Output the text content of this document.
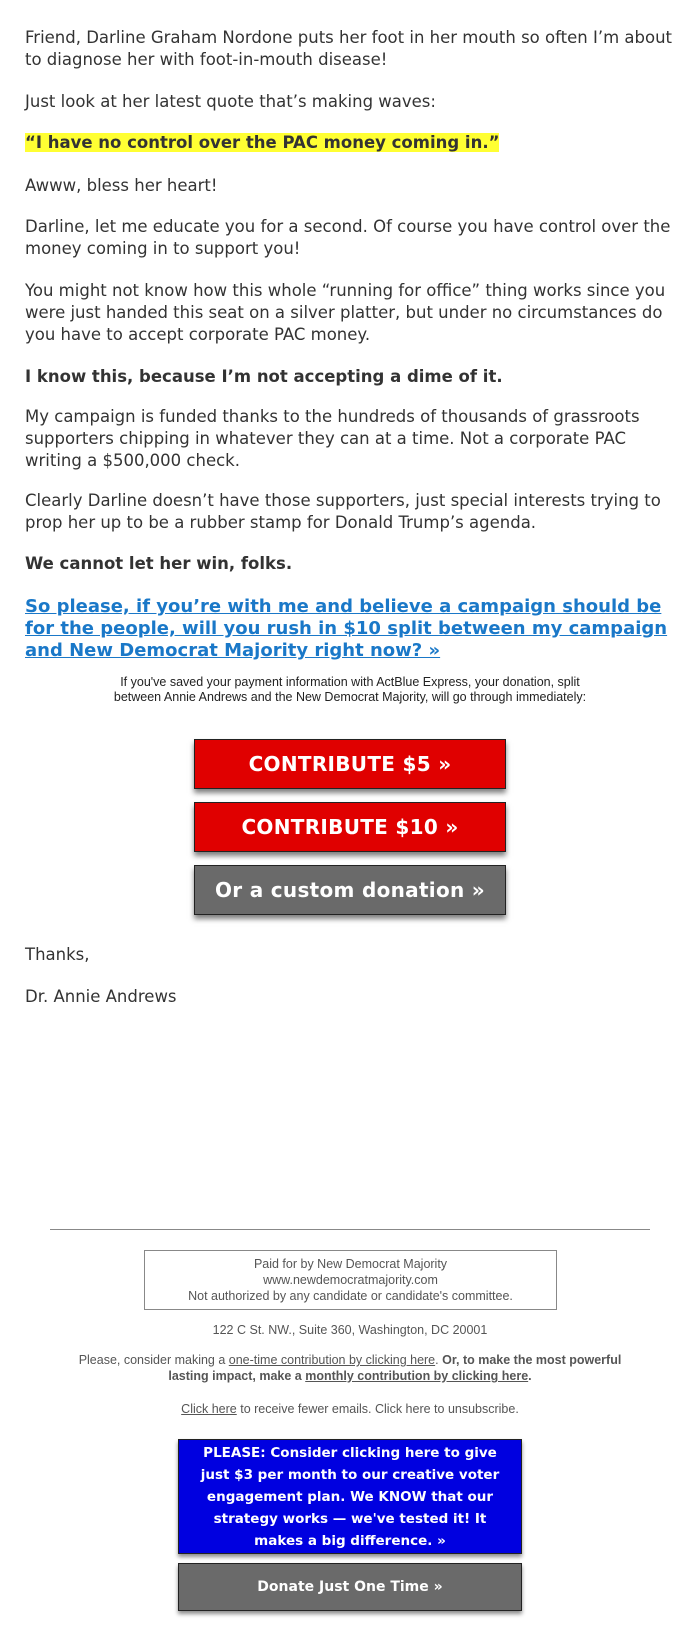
Friend, Darline Graham Nordone puts her foot in her mouth so often I’m about to diagnose her with foot-in-mouth disease!

Just look at her latest quote that’s making waves:

“I have no control over the PAC money coming in.”

Awww, bless her heart!

Darline, let me educate you for a second. Of course you have control over the money coming in to support you!

You might not know how this whole “running for office” thing works since you were just handed this seat on a silver platter, but under no circumstances do you have to accept corporate PAC money.

I know this, because I’m not accepting a dime of it.

My campaign is funded thanks to the hundreds of thousands of grassroots supporters chipping in whatever they can at a time. Not a corporate PAC writing a $500,000 check.

Clearly Darline doesn’t have those supporters, just special interests trying to prop her up to be a rubber stamp for Donald Trump’s agenda.

We cannot let her win, folks.

So please, if you’re with me and believe a campaign should be for the people, will you rush in $10 split between my campaign and New Democrat Majority right now? »

If you've saved your payment information with ActBlue Express, your donation, split between Annie Andrews and the New Democrat Majority, will go through immediately:

CONTRIBUTE $5 »
CONTRIBUTE $10 »
Or a custom donation »

Thanks,

Dr. Annie Andrews

Paid for by New Democrat Majority
www.newdemocratmajority.com
Not authorized by any candidate or candidate's committee.

122 C St. NW., Suite 360, Washington, DC 20001

Please, consider making a one-time contribution by clicking here. Or, to make the most powerful lasting impact, make a monthly contribution by clicking here.

Click here to receive fewer emails. Click here to unsubscribe.

PLEASE: Consider clicking here to give just $3 per month to our creative voter engagement plan. We KNOW that our strategy works — we've tested it! It makes a big difference. »
Donate Just One Time »
